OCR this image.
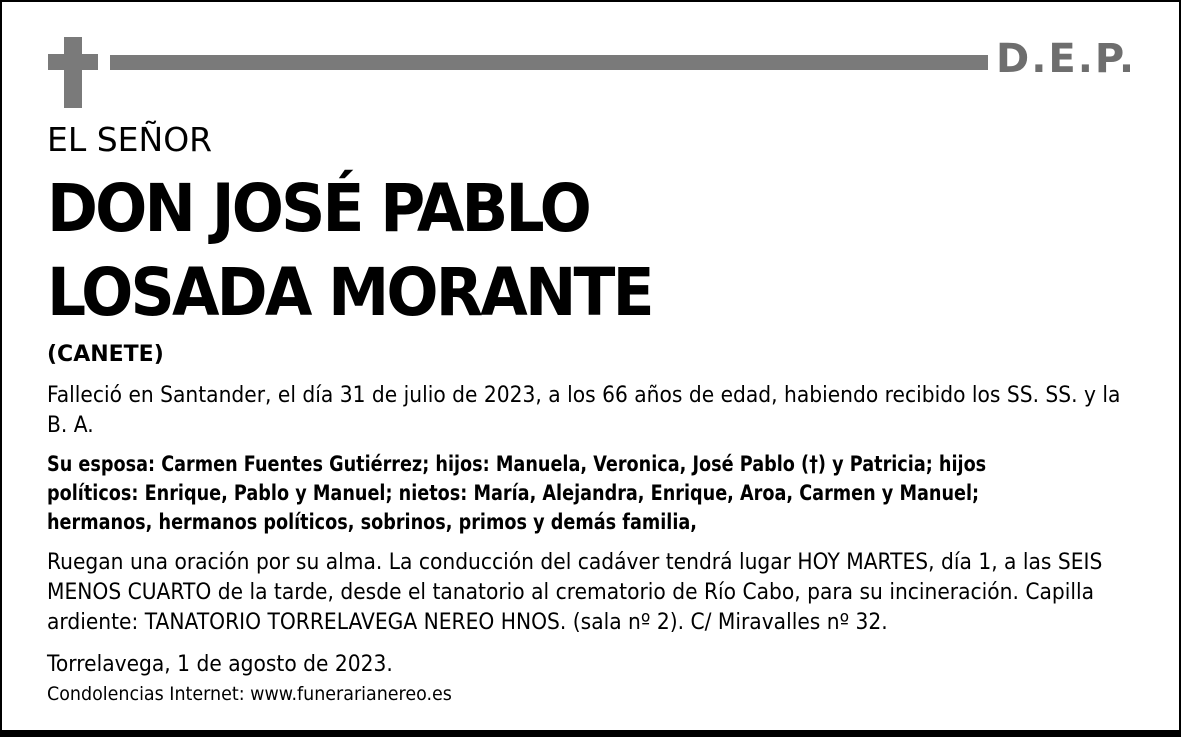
D.E.P.
EL SEÑOR
DON JOSÉ PABLO
LOSADA MORANTE
(CANETE)
Falleció en Santander, el día 31 de julio de 2023, a los 66 años de edad, habiendo recibido los SS. SS. y la B. A.
Su esposa: Carmen Fuentes Gutiérrez; hijos: Manuela, Veronica, José Pablo (†) y Patricia; hijos políticos: Enrique, Pablo y Manuel; nietos: María, Alejandra, Enrique, Aroa, Carmen y Manuel; hermanos, hermanos políticos, sobrinos, primos y demás familia,
Ruegan una oración por su alma. La conducción del cadáver tendrá lugar HOY MARTES, día 1, a las SEIS MENOS CUARTO de la tarde, desde el tanatorio al crematorio de Río Cabo, para su incineración. Capilla ardiente: TANATORIO TORRELAVEGA NEREO HNOS. (sala nº 2). C/ Miravalles nº 32.
Torrelavega, 1 de agosto de 2023.
Condolencias Internet: www.funerarianereo.es
